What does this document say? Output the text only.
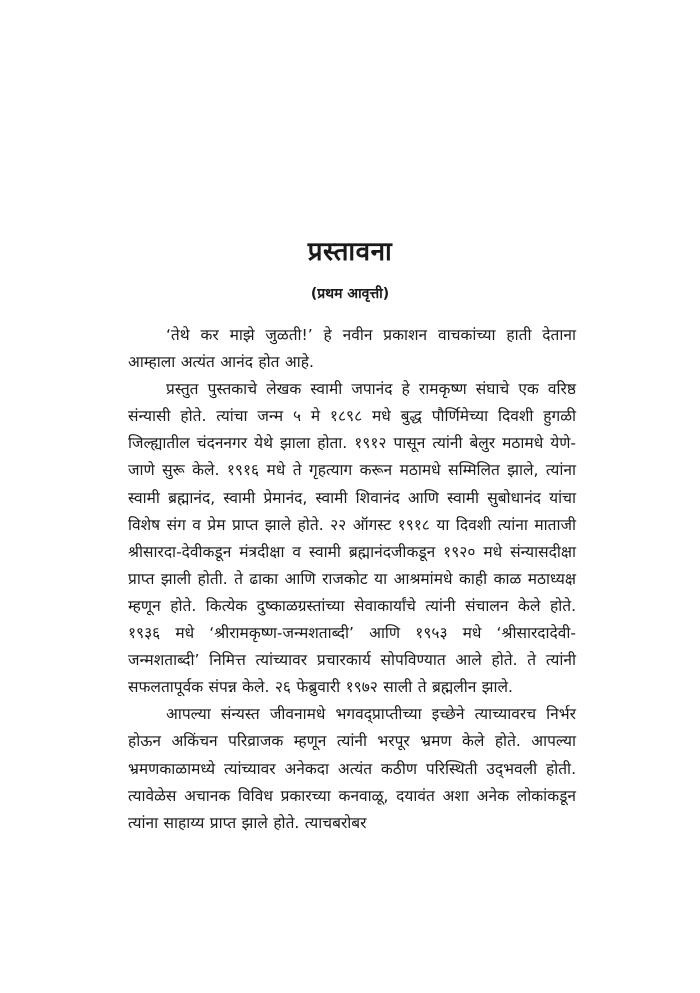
प्रस्तावना
(प्रथम आवृत्ती)

‘तेथे कर माझे जुळती!’ हे नवीन प्रकाशन वाचकांच्या हाती देताना आम्हाला अत्यंत आनंद होत आहे.

प्रस्तुत पुस्तकाचे लेखक स्वामी जपानंद हे रामकृष्ण संघाचे एक वरिष्ठ संन्यासी होते. त्यांचा जन्म ५ मे १८९८ मधे बुद्ध पौर्णिमेच्या दिवशी हुगळी जिल्ह्यातील चंदननगर येथे झाला होता. १९१२ पासून त्यांनी बेलुर मठामधे येणे-जाणे सुरू केले. १९१६ मधे ते गृहत्याग करून मठामधे सम्मिलित झाले, त्यांना स्वामी ब्रह्मानंद, स्वामी प्रेमानंद, स्वामी शिवानंद आणि स्वामी सुबोधानंद यांचा विशेष संग व प्रेम प्राप्त झाले होते. २२ ऑगस्ट १९१८ या दिवशी त्यांना माताजी श्रीसारदा-देवीकडून मंत्रदीक्षा व स्वामी ब्रह्मानंदजीकडून १९२० मधे संन्यासदीक्षा प्राप्त झाली होती. ते ढाका आणि राजकोट या आश्रमांमधे काही काळ मठाध्यक्ष म्हणून होते. कित्येक दुष्काळग्रस्तांच्या सेवाकार्यांचे त्यांनी संचालन केले होते. १९३६ मधे ‘श्रीरामकृष्ण-जन्मशताब्दी’ आणि १९५३ मधे ‘श्रीसारदादेवी-जन्मशताब्दी’ निमित्त त्यांच्यावर प्रचारकार्य सोपविण्यात आले होते. ते त्यांनी सफलतापूर्वक संपन्न केले. २६ फेब्रुवारी १९७२ साली ते ब्रह्मलीन झाले.

आपल्या संन्यस्त जीवनामधे भगवद्‌प्राप्तीच्या इच्छेने त्याच्यावरच निर्भर होऊन अकिंचन परिव्राजक म्हणून त्यांनी भरपूर भ्रमण केले होते. आपल्या भ्रमणकाळामध्ये त्यांच्यावर अनेकदा अत्यंत कठीण परिस्थिती उद्‌भवली होती. त्यावेळेस अचानक विविध प्रकारच्या कनवाळू, दयावंत अशा अनेक लोकांकडून त्यांना साहाय्य प्राप्त झाले होते. त्याचबरोबर
